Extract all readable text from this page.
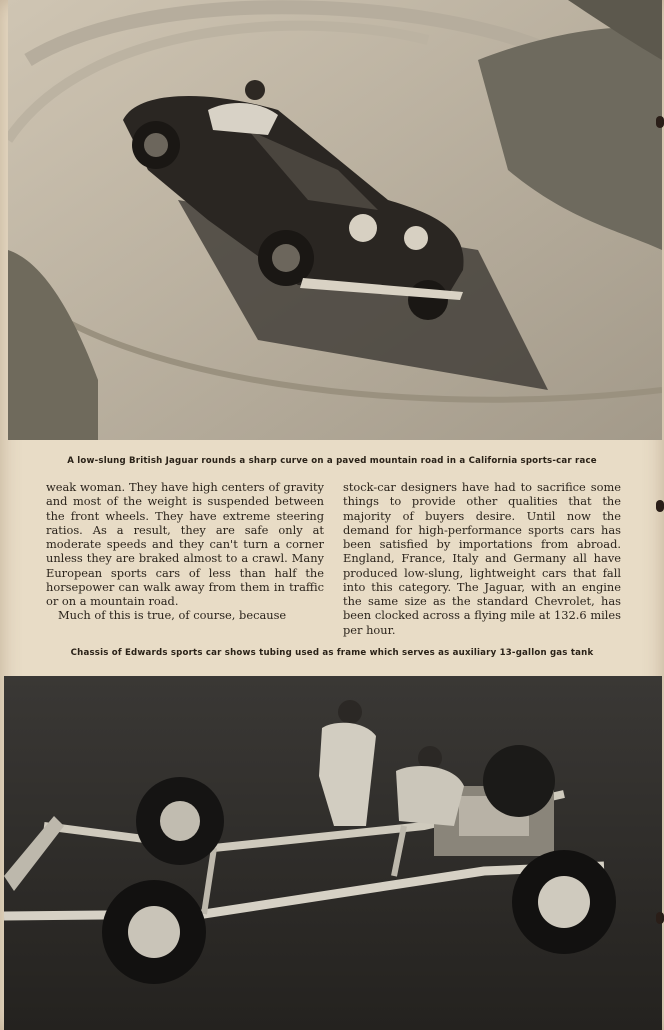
A low-slung British Jaguar rounds a sharp curve on a paved mountain road in a California sports-car race

weak woman. They have high centers of gravity and most of the weight is suspended between the front wheels. They have extreme steering ratios. As a result, they are safe only at moderate speeds and they can't turn a corner unless they are braked almost to a crawl. Many European sports cars of less than half the horsepower can walk away from them in traffic or on a mountain road.

Much of this is true, of course, because

stock-car designers have had to sacrifice some things to provide other qualities that the majority of buyers desire. Until now the demand for high-performance sports cars has been satisfied by importations from abroad. England, France, Italy and Germany all have produced low-slung, lightweight cars that fall into this category. The Jaguar, with an engine the same size as the standard Chevrolet, has been clocked across a flying mile at 132.6 miles per hour.

Chassis of Edwards sports car shows tubing used as frame which serves as auxiliary 13-gallon gas tank
